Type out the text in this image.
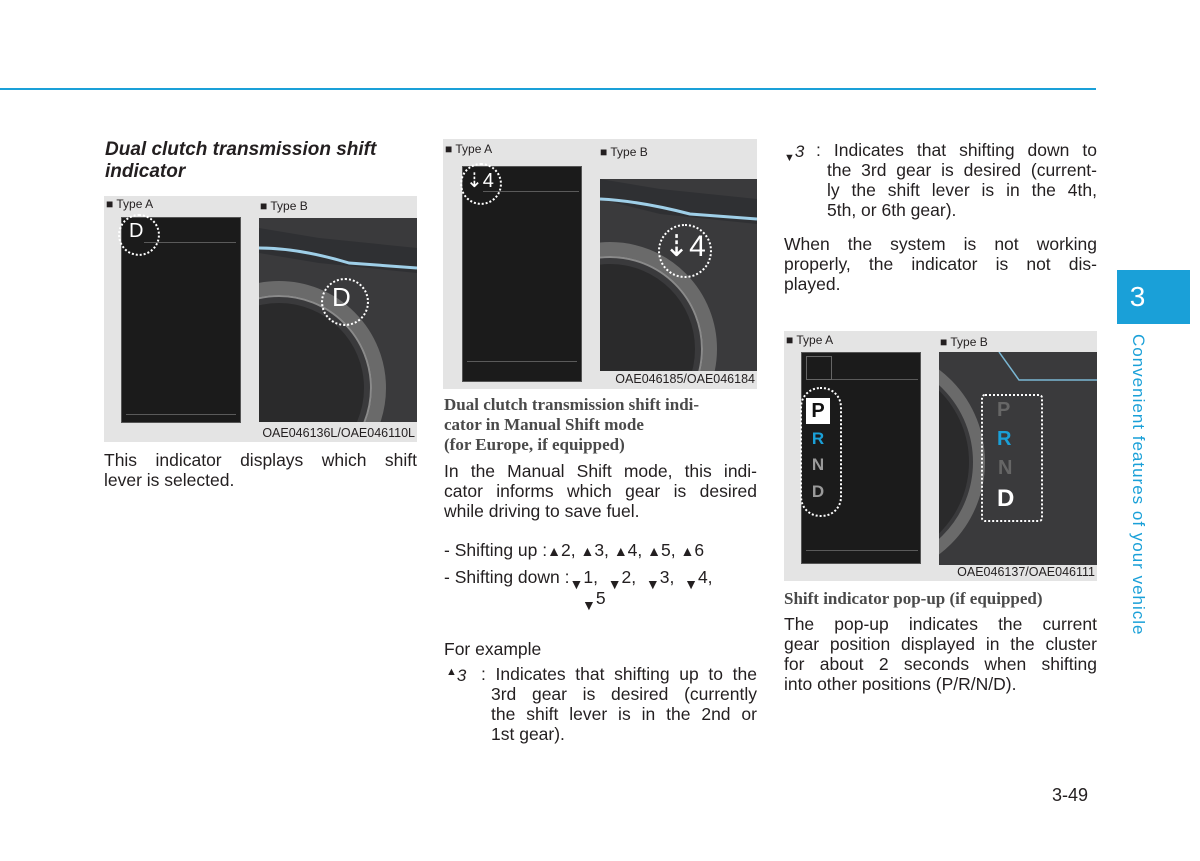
Dual clutch transmission shift
indicator
■ Type A ■	Type B
D
D
OAE046136L/OAE046110L
This indicator displays which shift
lever is selected.
■ Type A ■	Type B
⇣4
⇣4
OAE046185/OAE046184
Dual clutch transmission shift indi-
cator in Manual Shift mode
(for Europe, if equipped)
In the Manual Shift mode, this indi-
cator informs which gear is desired
while driving to save fuel.
- Shifting up :▲2, ▲3, ▲4, ▲5, ▲6
- Shifting down $:_▼1$, $_▼$2, $_▼$3, $_▼$4,
$_▼$5
For example
▲3 : Indicates that shifting up to the
3rd gear is desired (currently
the shift lever is in the 2nd or
1st gear).
$_▼$3 : Indicates that shifting down to
the 3rd gear is desired (current-
ly the shift lever is in the 4th,
5th, or 6th gear).
When the system is not working
properly, the indicator is not dis-
played.
■ Type A ■	Type B
P
R
N
D
P
R
N
D
OAE046137/OAE046111
Shift indicator pop-up (if equipped)
The pop-up indicates the current
gear position displayed in the cluster
for about 2 seconds when shifting
into other positions (P/R/N/D).
3
Convenient features of your vehicle
3-49
